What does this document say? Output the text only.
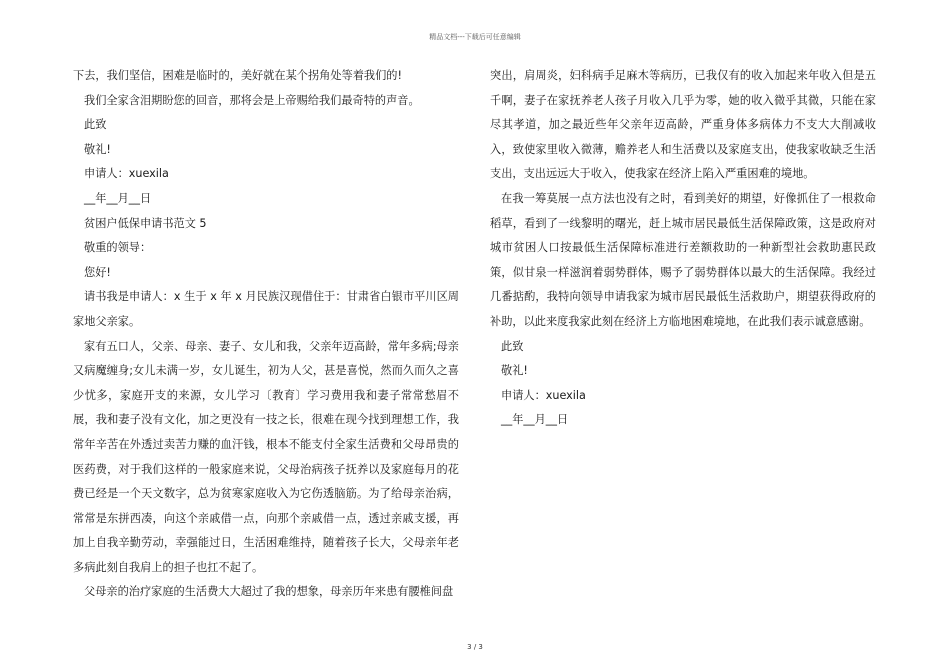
精品文档---下载后可任意编辑

下去，我们坚信，困难是临时的，美好就在某个拐角处等着我们的!

我们全家含泪期盼您的回音，那将会是上帝赐给我们最奇特的声音。

此致

敬礼!

申请人：xuexila

__年__月__日

贫困户低保申请书范文 5

敬重的领导：

您好!

请书我是申请人：x 生于 x 年 x 月民族汉现借住于：甘肃省白银市平川区周家地父亲家。

家有五口人，父亲、母亲、妻子、女儿和我，父亲年迈高龄，常年多病;母亲又病魔缠身;女儿未满一岁，女儿诞生，初为人父，甚是喜悦，然而久而久之喜少忧多，家庭开支的来源，女儿学习〔教育〕学习费用我和妻子常常愁眉不展，我和妻子没有文化，加之更没有一技之长，很难在现今找到理想工作，我常年辛苦在外透过卖苦力赚的血汗钱，根本不能支付全家生活费和父母昂贵的医药费，对于我们这样的一般家庭来说，父母治病孩子抚养以及家庭每月的花费已经是一个天文数字，总为贫寒家庭收入为它伤透脑筋。为了给母亲治病，常常是东拼西凑，向这个亲戚借一点，向那个亲戚借一点，透过亲戚支援，再加上自我辛勤劳动，幸强能过日，生活困难维持，随着孩子长大，父母亲年老多病此刻自我肩上的担子也扛不起了。

父母亲的治疗家庭的生活费大大超过了我的想象，母亲历年来患有腰椎间盘

突出，肩周炎，妇科病手足麻木等病历，已我仅有的收入加起来年收入但是五千啊，妻子在家抚养老人孩子月收入几乎为零，她的收入微乎其微，只能在家尽其孝道，加之最近些年父亲年迈高龄，严重身体多病体力不支大大削减收入，致使家里收入微薄，赡养老人和生活费以及家庭支出，使我家收缺乏生活支出，支出远远大于收入，使我家在经济上陷入严重困难的境地。

在我一筹莫展一点方法也没有之时，看到美好的期望，好像抓住了一根救命稻草，看到了一线黎明的曙光，赶上城市居民最低生活保障政策，这是政府对城市贫困人口按最低生活保障标准进行差额救助的一种新型社会救助惠民政策，似甘泉一样滋润着弱势群体，赐予了弱势群体以最大的生活保障。我经过几番掂酌，我特向领导申请我家为城市居民最低生活救助户，期望获得政府的补助，以此来度我家此刻在经济上方临地困难境地，在此我们表示诚意感谢。

此致

敬礼!

申请人：xuexila

__年__月__日

3 / 3
